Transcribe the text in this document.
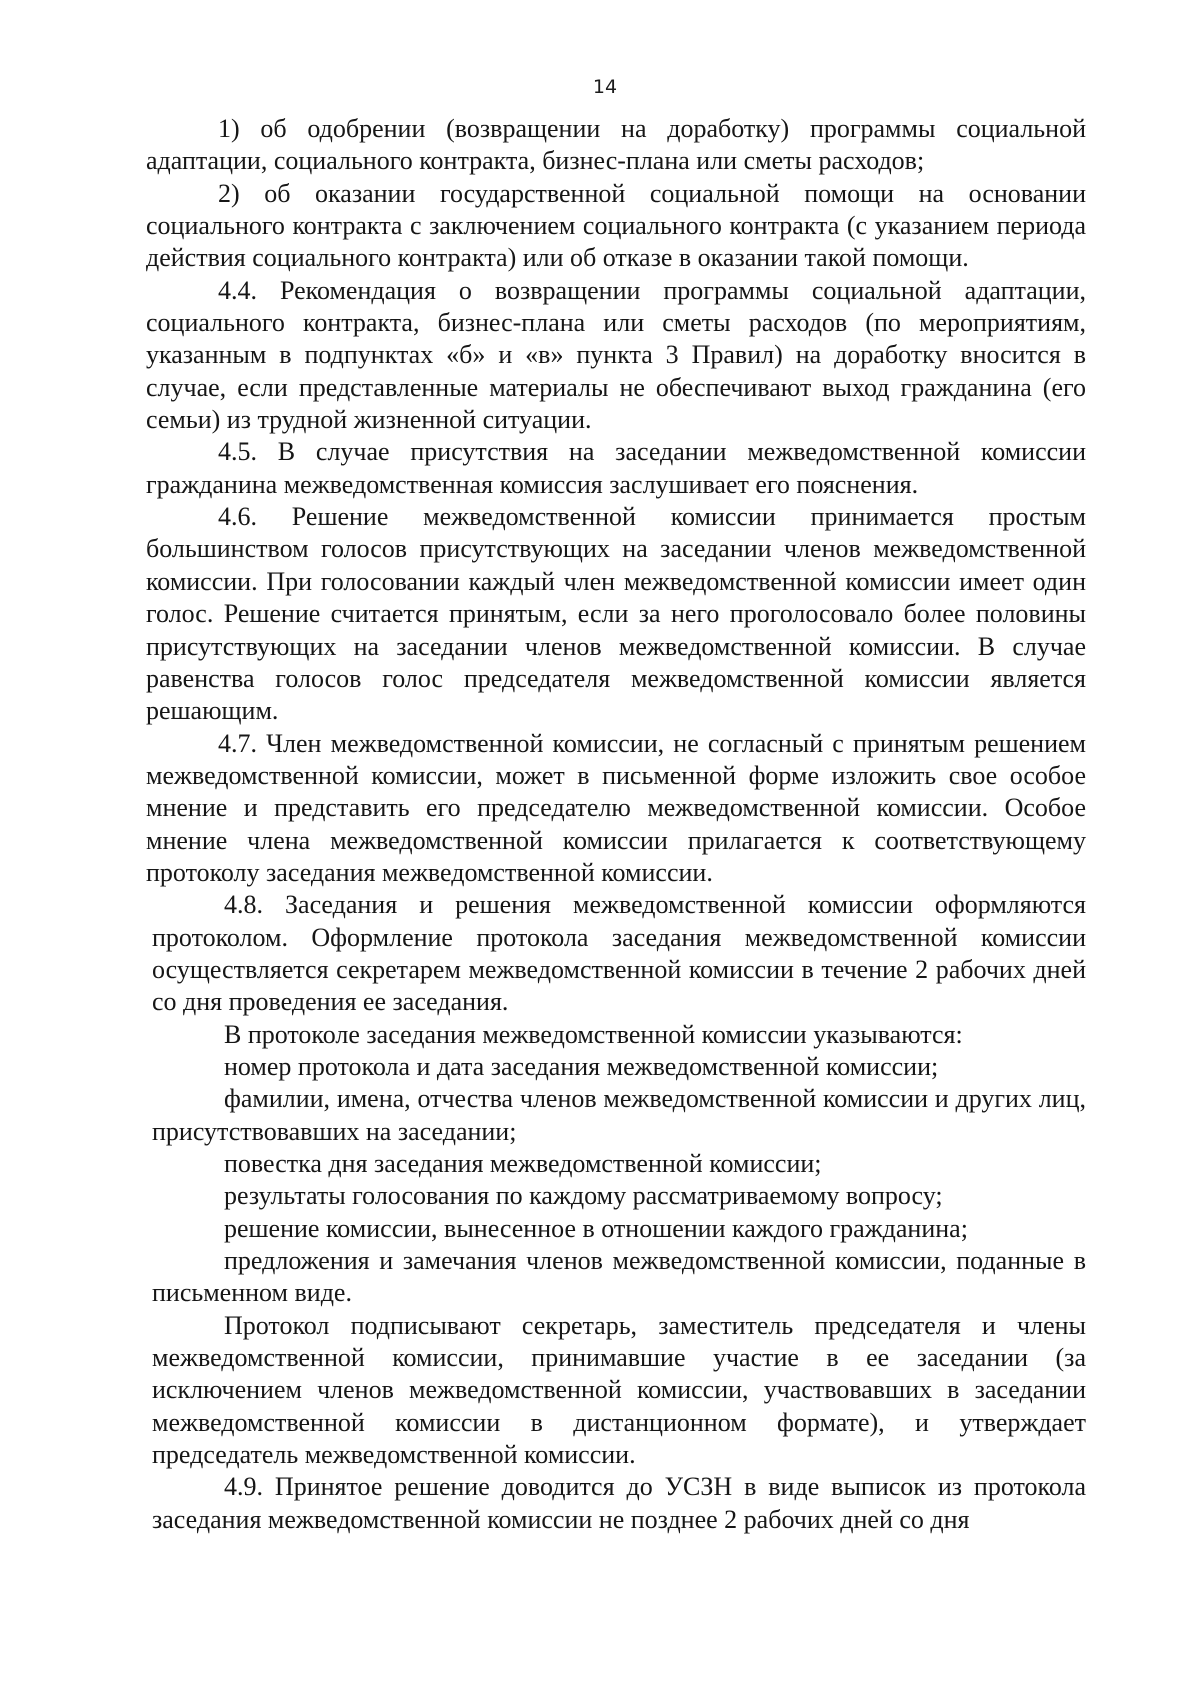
14

1) об одобрении (возвращении на доработку) программы социальной адаптации, социального контракта, бизнес-плана или сметы расходов;

2) об оказании государственной социальной помощи на основании социального контракта с заключением социального контракта (с указанием периода действия социального контракта) или об отказе в оказании такой помощи.

4.4. Рекомендация о возвращении программы социальной адаптации, социального контракта, бизнес-плана или сметы расходов (по мероприятиям, указанным в подпунктах «б» и «в» пункта 3 Правил) на доработку вносится в случае, если представленные материалы не обеспечивают выход гражданина (его семьи) из трудной жизненной ситуации.

4.5. В случае присутствия на заседании межведомственной комиссии гражданина межведомственная комиссия заслушивает его пояснения.

4.6. Решение межведомственной комиссии принимается простым большинством голосов присутствующих на заседании членов межведомственной комиссии. При голосовании каждый член межведомственной комиссии имеет один голос. Решение считается принятым, если за него проголосовало более половины присутствующих на заседании членов межведомственной комиссии. В случае равенства голосов голос председателя межведомственной комиссии является решающим.

4.7. Член межведомственной комиссии, не согласный с принятым решением межведомственной комиссии, может в письменной форме изложить свое особое мнение и представить его председателю межведомственной комиссии. Особое мнение члена межведомственной комиссии прилагается к соответствующему протоколу заседания межведомственной комиссии.

4.8. Заседания и решения межведомственной комиссии оформляются протоколом. Оформление протокола заседания межведомственной комиссии осуществляется секретарем межведомственной комиссии в течение 2 рабочих дней со дня проведения ее заседания.

В протоколе заседания межведомственной комиссии указываются:

номер протокола и дата заседания межведомственной комиссии;

фамилии, имена, отчества членов межведомственной комиссии и других лиц, присутствовавших на заседании;

повестка дня заседания межведомственной комиссии;

результаты голосования по каждому рассматриваемому вопросу;

решение комиссии, вынесенное в отношении каждого гражданина;

предложения и замечания членов межведомственной комиссии, поданные в письменном виде.

Протокол подписывают секретарь, заместитель председателя и члены межведомственной комиссии, принимавшие участие в ее заседании (за исключением членов межведомственной комиссии, участвовавших в заседании межведомственной комиссии в дистанционном формате), и утверждает председатель межведомственной комиссии.

4.9. Принятое решение доводится до УСЗН в виде выписок из протокола заседания межведомственной комиссии не позднее 2 рабочих дней со дня
